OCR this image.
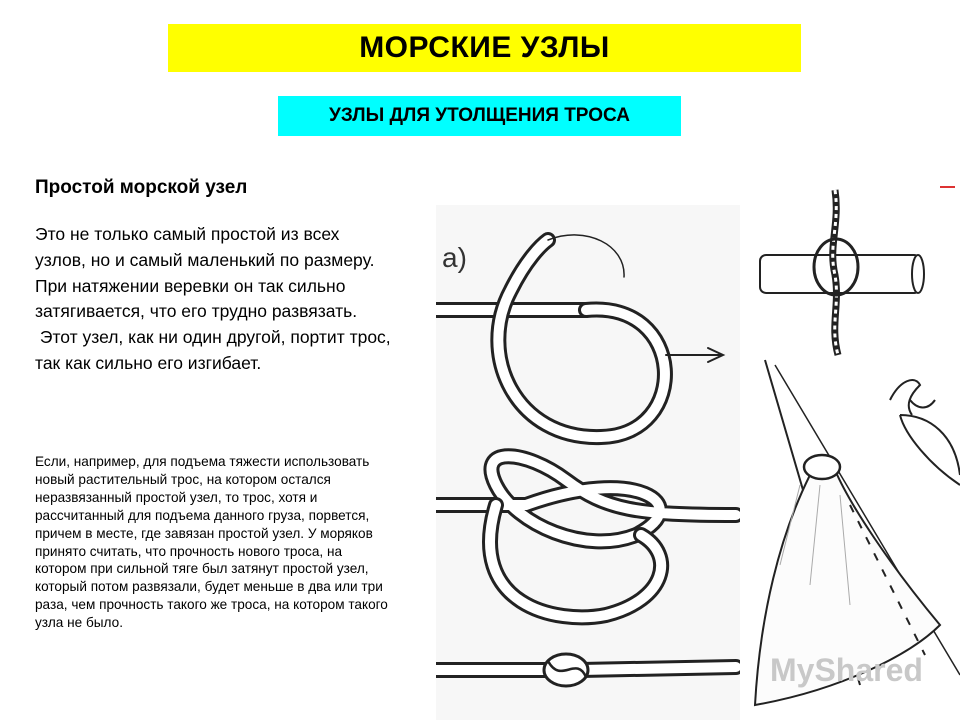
МОРСКИЕ УЗЛЫ
УЗЛЫ ДЛЯ УТОЛЩЕНИЯ ТРОСА
Простой морской узел

Это не только самый простой из всех узлов, но и самый маленький по размеру.

При натяжении веревки он так сильно затягивается, что его трудно развязать.

Этот узел, как ни один другой, портит трос, так как сильно его изгибает.

Если, например, для подъема тяжести использовать новый растительный трос, на котором остался неразвязанный простой узел, то трос, хотя и рассчитанный для подъема данного груза, порвется, причем в месте, где завязан простой узел. У моряков принято считать, что прочность нового троса, на котором при сильной тяге был затянут простой узел, который потом развязали, будет меньше в два или три раза, чем прочность такого же троса, на котором такого узла не было.
а)
MyShared
